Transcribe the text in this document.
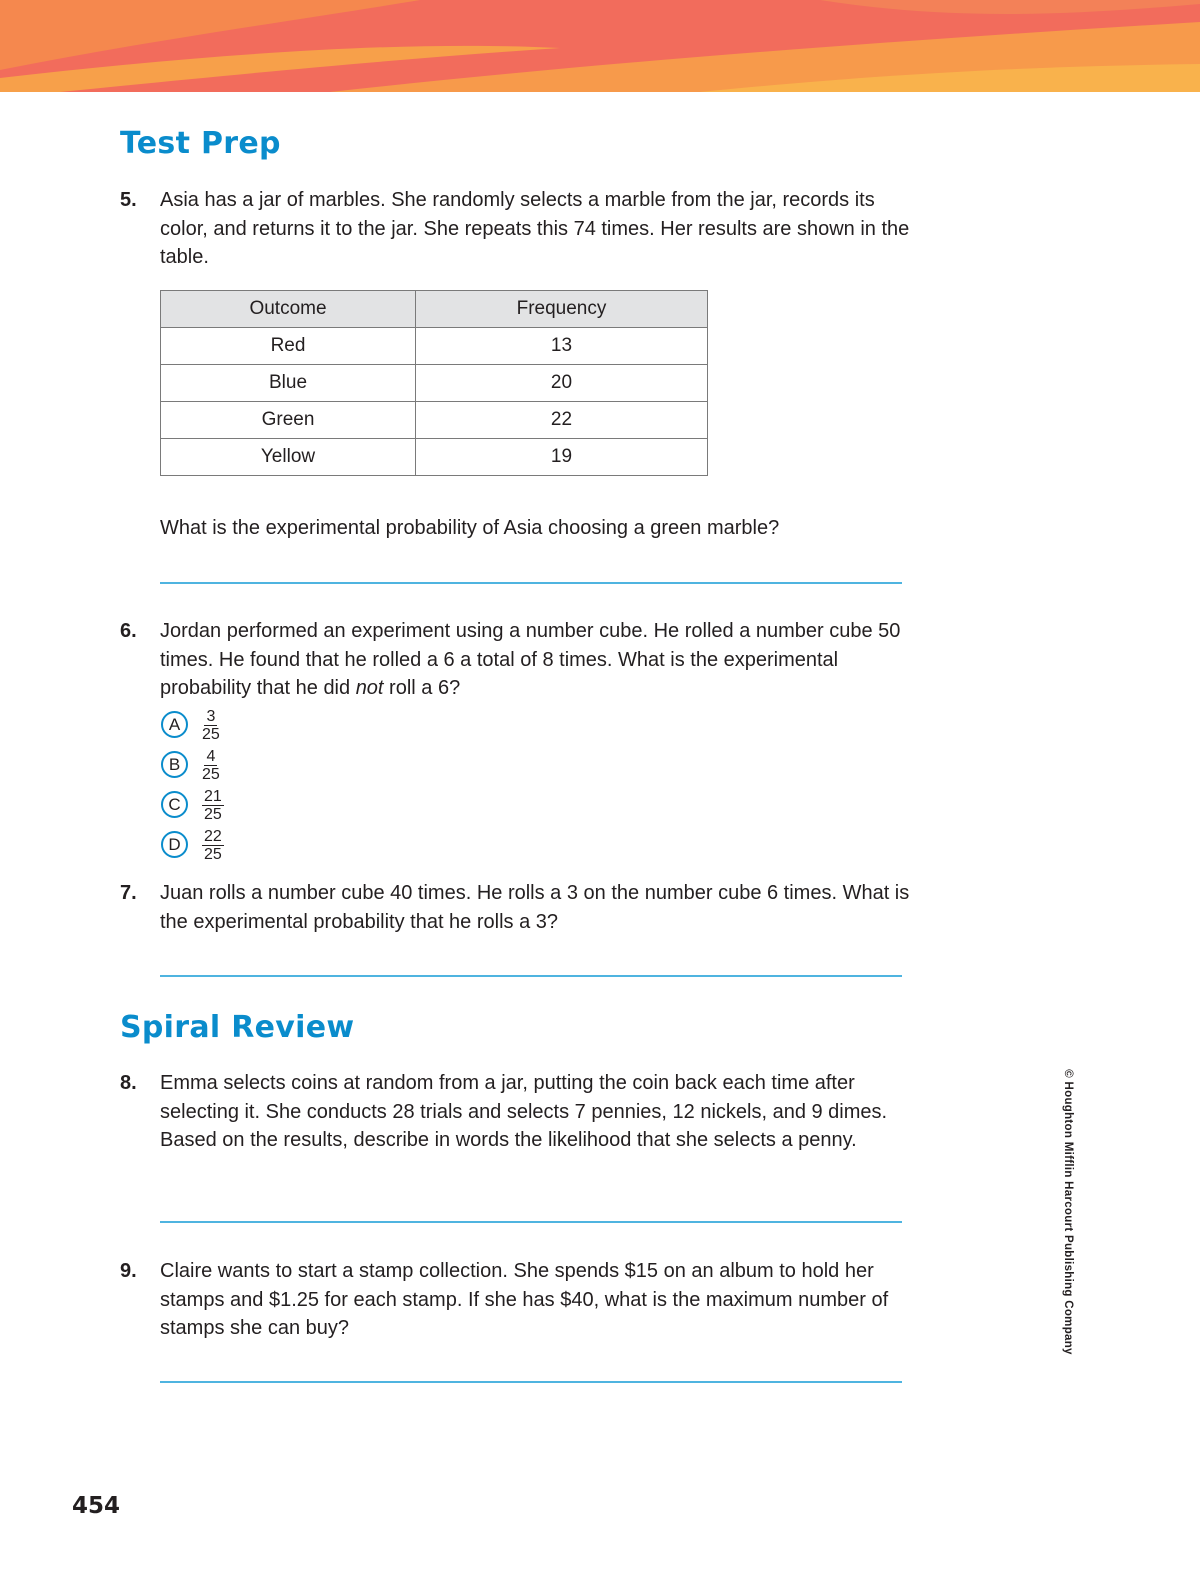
Test Prep
5. Asia has a jar of marbles. She randomly selects a marble from the jar, records its color, and returns it to the jar. She repeats this 74 times. Her results are shown in the table.
Outcome	Frequency
Red	13
Blue	20
Green	22
Yellow	19
What is the experimental probability of Asia choosing a green marble?
6. Jordan performed an experiment using a number cube. He rolled a number cube 50 times. He found that he rolled a 6 a total of 8 times. What is the experimental probability that he did not roll a 6?
A	$\frac{3}{25}$
B	$\frac{4}{25}$
C	$\frac{21}{25}$
D	$\frac{22}{25}$
7. Juan rolls a number cube 40 times. He rolls a 3 on the number cube 6 times. What is the experimental probability that he rolls a 3?
Spiral Review
8. Emma selects coins at random from a jar, putting the coin back each time after selecting it. She conducts 28 trials and selects 7 pennies, 12 nickels, and 9 dimes. Based on the results, describe in words the likelihood that she selects a penny.
9. Claire wants to start a stamp collection. She spends $15 on an album to hold her stamps and $1.25 for each stamp. If she has $40, what is the maximum number of stamps she can buy?	© Houghton Mifflin Harcourt Publishing Company
454
